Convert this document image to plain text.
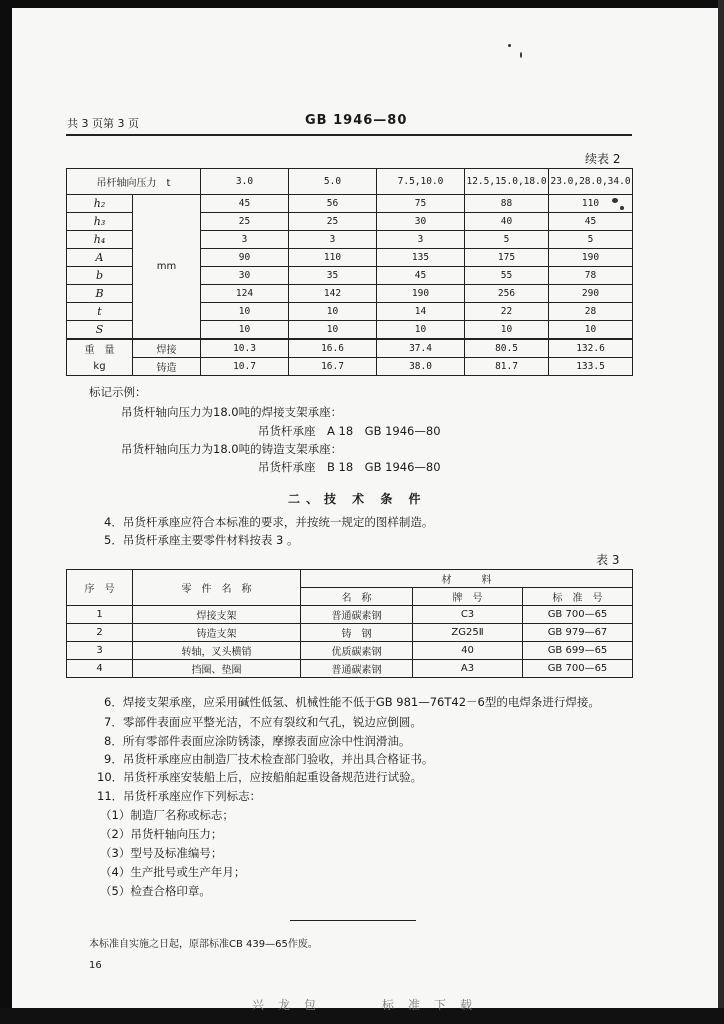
共 3 页第 3 页	GB 1946—80
续表 2
吊杆轴向压力　t		3.0	5.0	7.5,10.0	12.5,15.0,18.0	23.0,28.0,34.0
h₂	mm	45	56	75	88	110
h₃		25	25	30	40	45
h₄		3	3	3	5	5
A		90	110	135	175	190
b		30	35	45	55	78
B		124	142	190	256	290
t		10	10	14	22	28
S		10	10	10	10	10
重　量	焊接	10.3	16.6	37.4	80.5	132.6
kg	铸造	10.7	16.7	38.0	81.7	133.5
标记示例：
吊货杆轴向压力为18.0吨的焊接支架承座：
吊货杆承座　A 18　GB 1946—80
吊货杆轴向压力为18.0吨的铸造支架承座：
吊货杆承座　B 18　GB 1946—80
二、技 术 条 件
4．吊货杆承座应符合本标准的要求，并按统一规定的图样制造。
5．吊货杆承座主要零件材料按表 3 。
表 3
序　号	零　件　名　称	材　　　料		
		名　称	牌　号	标　准　号
1	焊接支架	普通碳素钢	C3	GB 700—65
2	铸造支架	铸　钢	ZG25Ⅱ	GB 979—67
3	转轴，叉头横销	优质碳素钢	40	GB 699—65
4	挡圈、垫圈	普通碳素钢	A3	GB 700—65
6．焊接支架承座，应采用碱性低氢、机械性能不低于GB 981—76T42－6型的电焊条进行焊接。
7．零部件表面应平整光洁，不应有裂纹和气孔，锐边应倒圆。
8．所有零部件表面应涂防锈漆，摩擦表面应涂中性润滑油。
9．吊货杆承座应由制造厂技术检查部门验收，并出具合格证书。
10．吊货杆承座安装船上后，应按船舶起重设备规范进行试验。
11．吊货杆承座应作下列标志：
（1）制造厂名称或标志；
（2）吊货杆轴向压力；
（3）型号及标准编号；
（4）生产批号或生产年月；
（5）检查合格印章。
本标准自实施之日起，原部标准CB 439—65作废。
16
兴龙包　　标准下载
